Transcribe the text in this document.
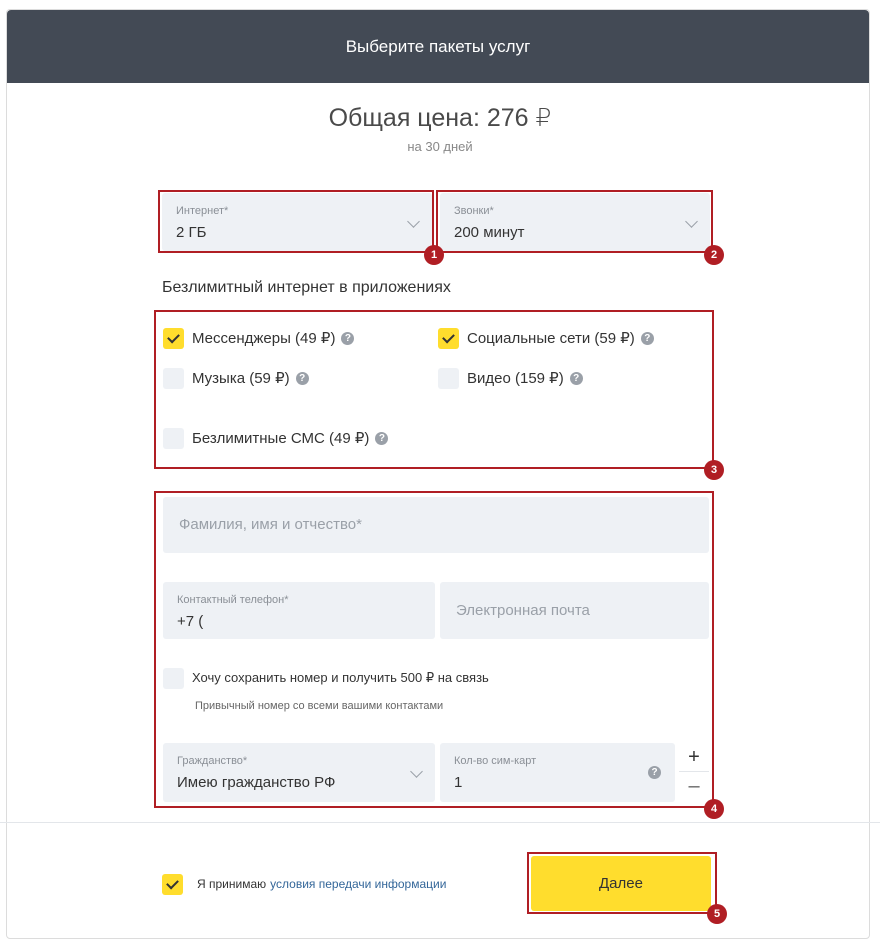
Выберите пакеты услуг
Общая цена: 276 ₽
на 30 дней
Интернет*
2 ГБ
Звонки*
200 минут
Безлимитный интернет в приложениях
Мессенджеры (49 ₽) ?	Социальные сети (59 ₽) ?
Музыка (59 ₽) ?	Видео (159 ₽) ?
Безлимитные СМС (49 ₽) ?
Фамилия, имя и отчество*
Контактный телефон*
+7 (
Электронная почта
Хочу сохранить номер и получить 500 ₽ на связь
Привычный номер со всеми вашими контактами
Гражданство*
Имею гражданство РФ
Кол-во сим-карт
1
?
+
–
Я принимаю условия передачи информации	Далее
1	2
3
4
5
